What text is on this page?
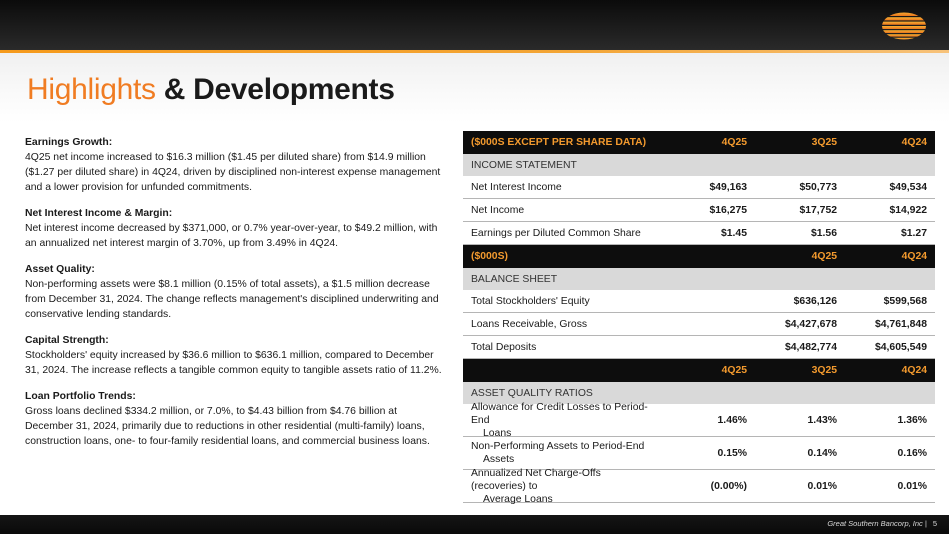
Highlights & Developments
Earnings Growth:
4Q25 net income increased to $16.3 million ($1.45 per diluted share) from $14.9 million ($1.27 per diluted share) in 4Q24, driven by disciplined non-interest expense management and a lower provision for unfunded commitments.
Net Interest Income & Margin:
Net interest income decreased by $371,000, or 0.7% year-over-year, to $49.2 million, with an annualized net interest margin of 3.70%, up from 3.49% in 4Q24.
Asset Quality:
Non-performing assets were $8.1 million (0.15% of total assets), a $1.5 million decrease from December 31, 2024. The change reflects management's disciplined underwriting and conservative lending standards.
Capital Strength:
Stockholders' equity increased by $36.6 million to $636.1 million, compared to December 31, 2024. The increase reflects a tangible common equity to tangible assets ratio of 11.2%.
Loan Portfolio Trends:
Gross loans declined $334.2 million, or 7.0%, to $4.43 billion from $4.76 billion at December 31, 2024, primarily due to reductions in other residential (multi-family) loans, construction loans, one- to four-family residential loans, and commercial business loans.
($000S EXCEPT PER SHARE DATA)	4Q25	3Q25	4Q24
INCOME STATEMENT
Net Interest Income	$49,163	$50,773	$49,534
Net Income	$16,275	$17,752	$14,922
Earnings per Diluted Common Share	$1.45	$1.56	$1.27
($000S)	4Q25	4Q24
BALANCE SHEET
Total Stockholders' Equity	$636,126	$599,568
Loans Receivable, Gross	$4,427,678	$4,761,848
Total Deposits	$4,482,774	$4,605,549
4Q25	3Q25	4Q24
ASSET QUALITY RATIOS
Allowance for Credit Losses to Period-End
Loans
1.46%	1.43%	1.36%
Non-Performing Assets to Period-End
Assets
0.15%	0.14%	0.16%
Annualized Net Charge-Offs (recoveries) to
Average Loans
(0.00%)	0.01%	0.01%
Great Southern Bancorp, Inc | 5
